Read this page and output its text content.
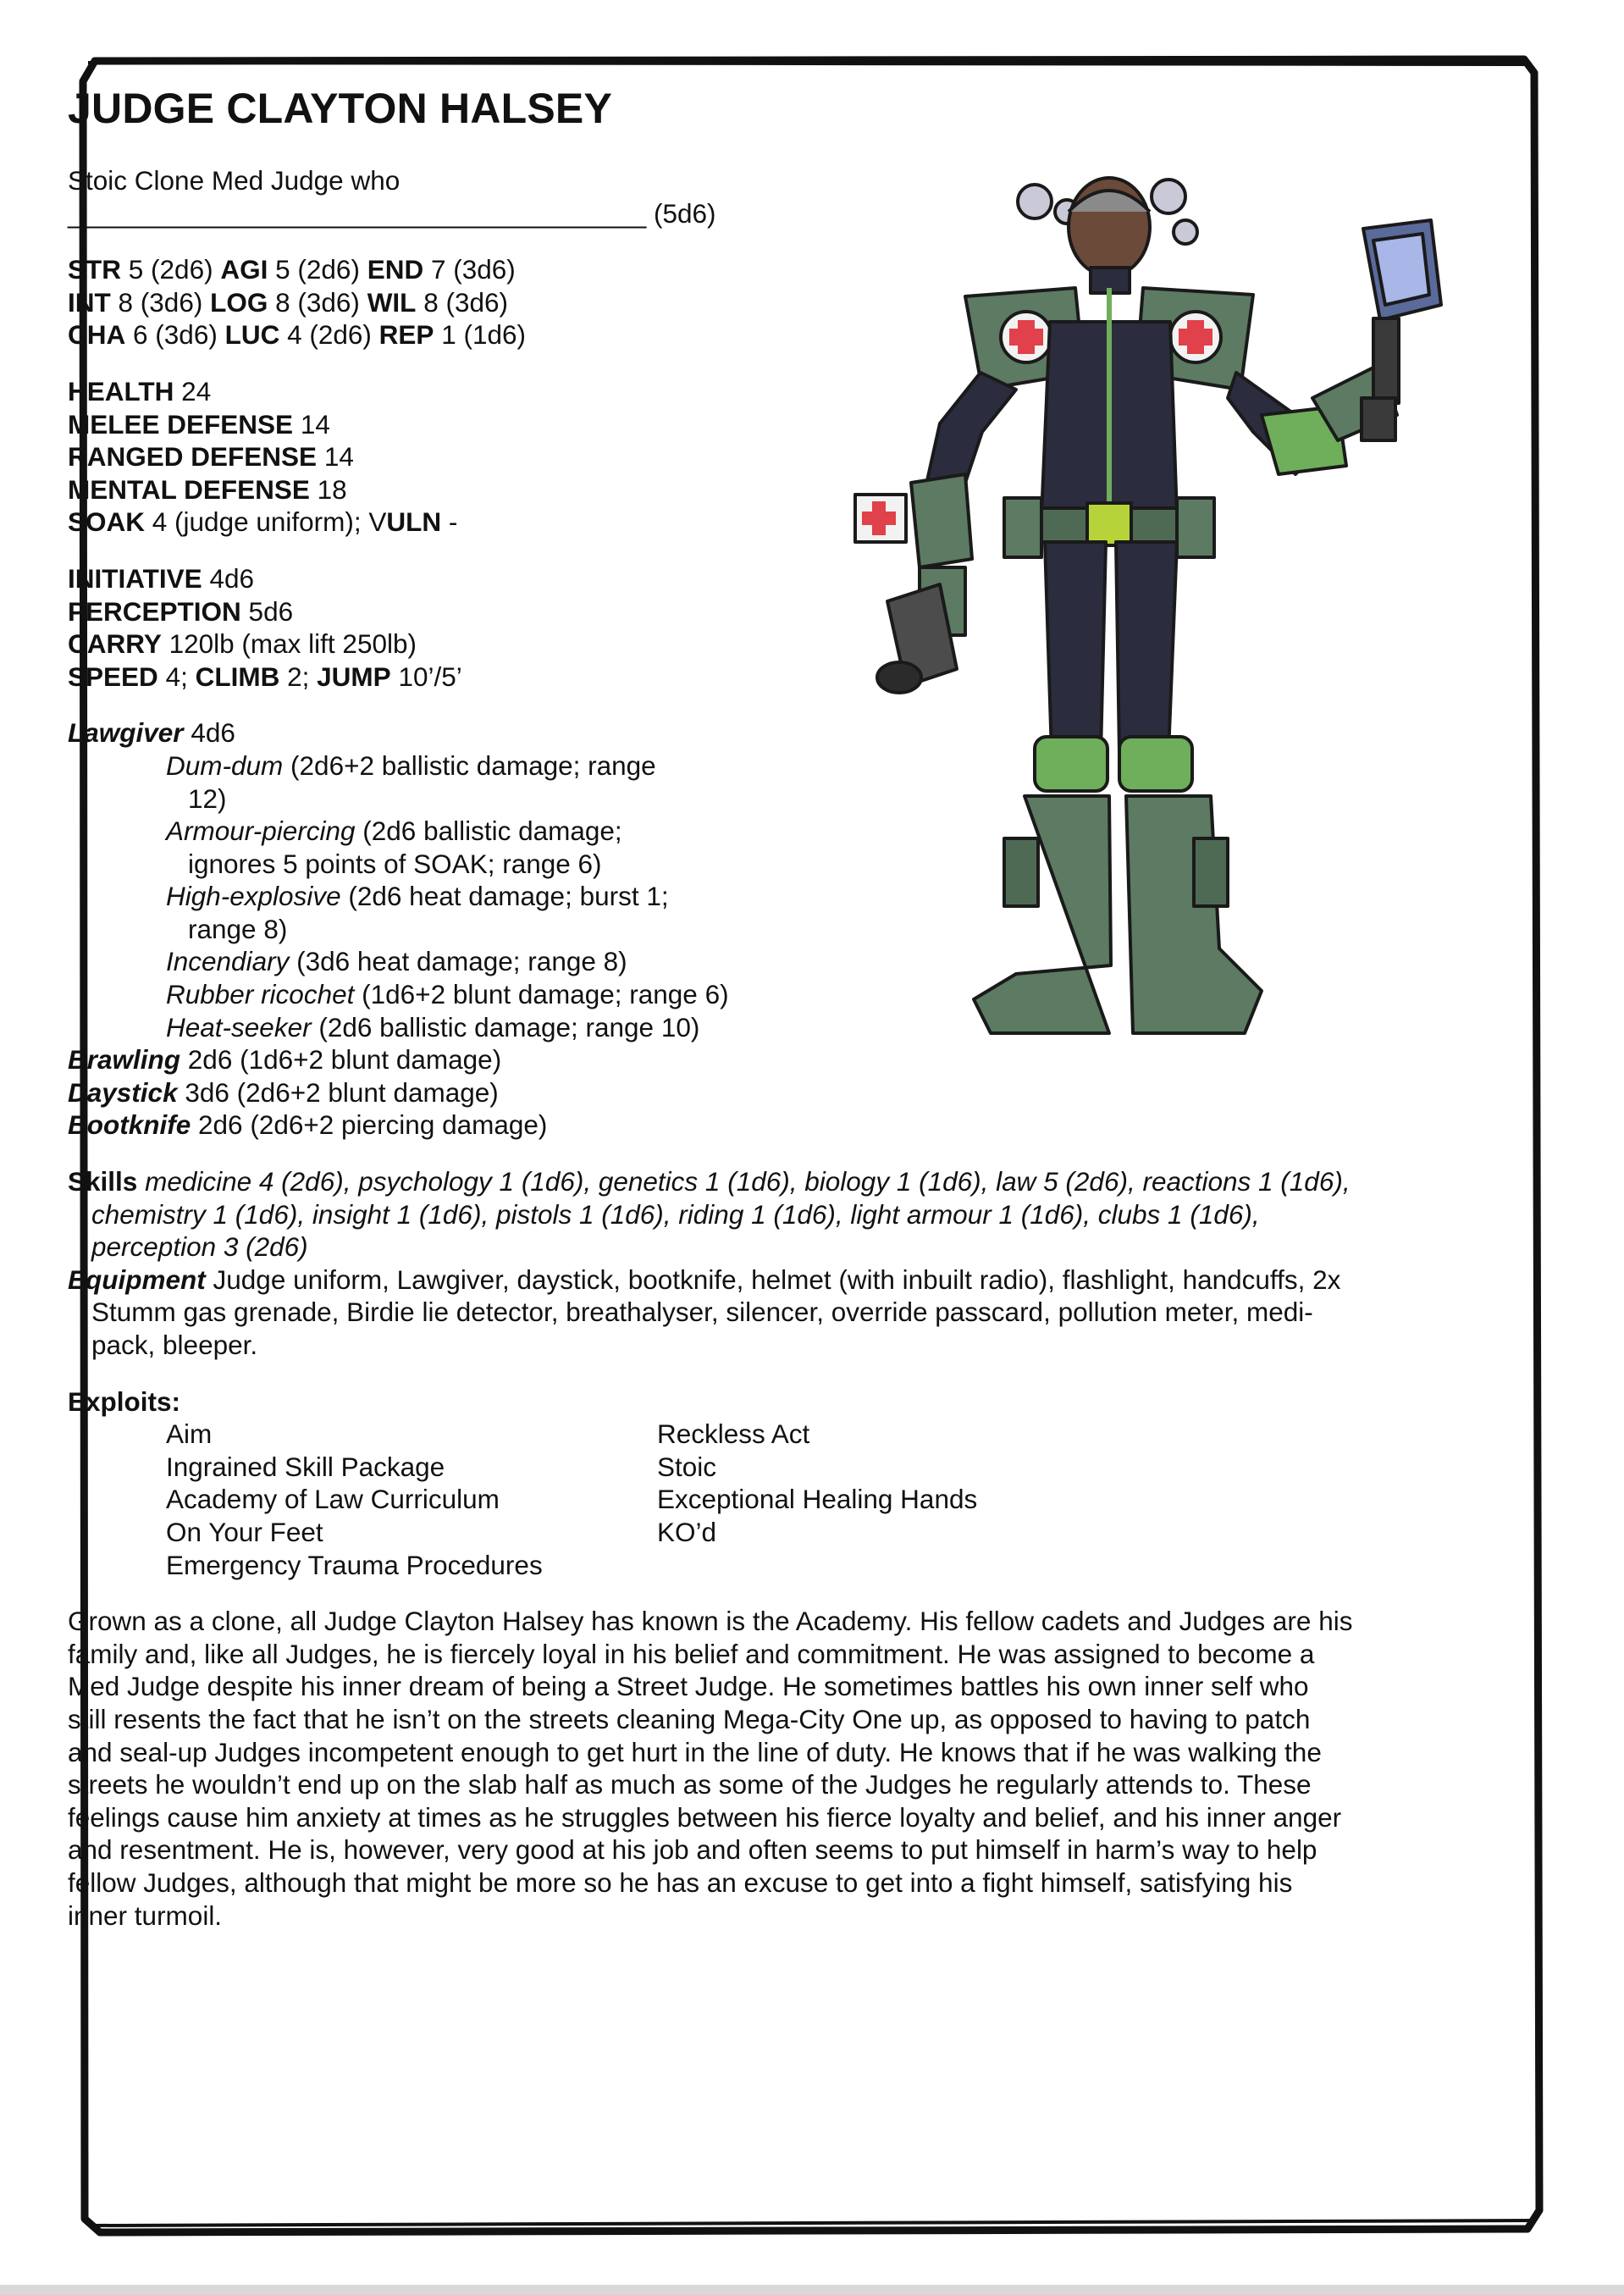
JUDGE CLAYTON HALSEY
Stoic Clone Med Judge who
_______________________________________ (5d6)
STR 5 (2d6) AGI 5 (2d6) END 7 (3d6)
INT 8 (3d6) LOG 8 (3d6) WIL 8 (3d6)
CHA 6 (3d6) LUC 4 (2d6) REP 1 (1d6)
HEALTH 24
MELEE DEFENSE 14
RANGED DEFENSE 14
MENTAL DEFENSE 18
SOAK 4 (judge uniform); VULN -
INITIATIVE 4d6
PERCEPTION 5d6
CARRY 120lb (max lift 250lb)
SPEED 4; CLIMB 2; JUMP 10’/5’
Lawgiver 4d6
Dum-dum (2d6+2 ballistic damage; range
12)
Armour-piercing (2d6 ballistic damage;
ignores 5 points of SOAK; range 6)
High-explosive (2d6 heat damage; burst 1;
range 8)
Incendiary (3d6 heat damage; range 8)
Rubber ricochet (1d6+2 blunt damage; range 6)
Heat-seeker (2d6 ballistic damage; range 10)
Brawling 2d6 (1d6+2 blunt damage)
Daystick 3d6 (2d6+2 blunt damage)
Bootknife 2d6 (2d6+2 piercing damage)
Skills medicine 4 (2d6), psychology 1 (1d6), genetics 1 (1d6), biology 1 (1d6), law 5 (2d6), reactions 1 (1d6),
chemistry 1 (1d6), insight 1 (1d6), pistols 1 (1d6), riding 1 (1d6), light armour 1 (1d6), clubs 1 (1d6),
perception 3 (2d6)
Equipment Judge uniform, Lawgiver, daystick, bootknife, helmet (with inbuilt radio), flashlight, handcuffs, 2x
Stumm gas grenade, Birdie lie detector, breathalyser, silencer, override passcard, pollution meter, medi-
pack, bleeper.
Exploits:
Aim
Ingrained Skill Package
Academy of Law Curriculum
On Your Feet
Emergency Trauma Procedures
Reckless Act
Stoic
Exceptional Healing Hands
KO’d
Grown as a clone, all Judge Clayton Halsey has known is the Academy. His fellow cadets and Judges are his
family and, like all Judges, he is fiercely loyal in his belief and commitment. He was assigned to become a
Med Judge despite his inner dream of being a Street Judge. He sometimes battles his own inner self who
still resents the fact that he isn’t on the streets cleaning Mega-City One up, as opposed to having to patch
and seal-up Judges incompetent enough to get hurt in the line of duty. He knows that if he was walking the
streets he wouldn’t end up on the slab half as much as some of the Judges he regularly attends to. These
feelings cause him anxiety at times as he struggles between his fierce loyalty and belief, and his inner anger
and resentment. He is, however, very good at his job and often seems to put himself in harm’s way to help
fellow Judges, although that might be more so he has an excuse to get into a fight himself, satisfying his
inner turmoil.
